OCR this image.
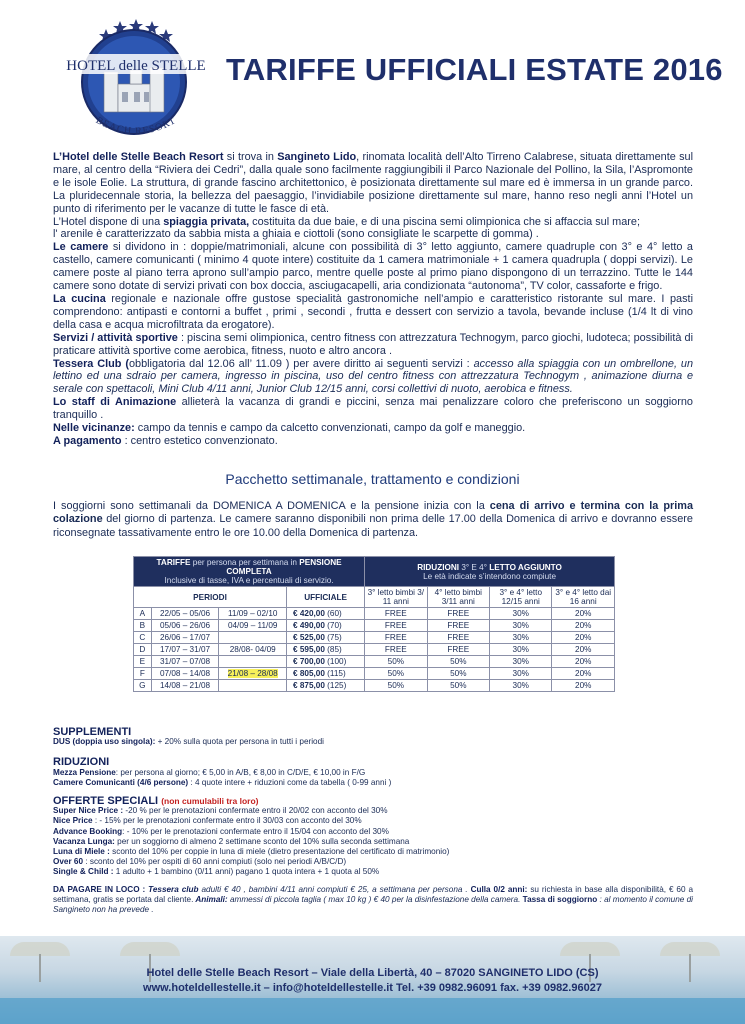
HOTEL delle STELLE
BEACH RESORT
TARIFFE UFFICIALI ESTATE 2016

L’Hotel delle Stelle Beach Resort si trova in Sangineto Lido, rinomata località dell’Alto Tirreno Calabrese, situata direttamente sul mare, al centro della “Riviera dei Cedri”, dalla quale sono facilmente raggiungibili il Parco Nazionale del Pollino, la Sila, l’Aspromonte e le isole Eolie. La struttura, di grande fascino architettonico, è posizionata direttamente sul mare ed è immersa in un grande parco. La pluridecennale storia, la bellezza del paesaggio, l’invidiabile posizione direttamente sul mare, hanno reso negli anni l’Hotel un punto di riferimento per le vacanze di tutte le fasce di età.

L’Hotel dispone di una spiaggia privata, costituita da due baie, e di una piscina semi olimpionica che si affaccia sul mare;

l' arenile è caratterizzato da sabbia mista a ghiaia e ciottoli (sono consigliate le scarpette di gomma) .

Le camere si dividono in : doppie/matrimoniali, alcune con possibilità di 3° letto aggiunto, camere quadruple con 3° e 4° letto a castello, camere comunicanti ( minimo 4 quote intere) costituite da 1 camera matrimoniale + 1 camera quadrupla ( doppi servizi). Le camere poste al piano terra aprono sull’ampio parco, mentre quelle poste al primo piano dispongono di un terrazzino. Tutte le 144 camere sono dotate di servizi privati con box doccia, asciugacapelli, aria condizionata “autonoma”, TV color, cassaforte e frigo.

La cucina regionale e nazionale offre gustose specialità gastronomiche nell’ampio e caratteristico ristorante sul mare. I pasti comprendono: antipasti e contorni a buffet , primi , secondi , frutta e dessert con servizio a tavola, bevande incluse (1/4 lt di vino della casa e acqua microfiltrata da erogatore).

Servizi / attività sportive : piscina semi olimpionica, centro fitness con attrezzatura Technogym, parco giochi, ludoteca; possibilità di praticare attività sportive come aerobica, fitness, nuoto e altro ancora .

Tessera Club (obbligatoria dal 12.06 all’ 11.09 ) per avere diritto ai seguenti servizi : accesso alla spiaggia con un ombrellone, un lettino ed una sdraio per camera, ingresso in piscina, uso del centro fitness con attrezzatura Technogym , animazione diurna e serale con spettacoli, Mini Club 4/11 anni, Junior Club 12/15 anni, corsi collettivi di nuoto, aerobica e fitness.

Lo staff di Animazione allieterà la vacanza di grandi e piccini, senza mai penalizzare coloro che preferiscono un soggiorno tranquillo .

Nelle vicinanze: campo da tennis e campo da calcetto convenzionati, campo da golf e maneggio.

A pagamento : centro estetico convenzionato.

Pacchetto settimanale, trattamento e condizioni
I soggiorni sono settimanali da DOMENICA A DOMENICA e la pensione inizia con la cena di arrivo e termina con la prima colazione del giorno di partenza. Le camere saranno disponibili non prima delle 17.00 della Domenica di arrivo e dovranno essere riconsegnate tassativamente entro le ore 10.00 della Domenica di partenza.
TARIFFE per persona per settimana in PENSIONE COMPLETA
Inclusive di tasse, IVA e percentuali di servizio.				RIDUZIONI 3° E 4° LETTO AGGIUNTO
Le età indicate s’intendono compiute			
PERIODI			UFFICIALE	3° letto bimbi 3/ 11 anni	4° letto bimbi 3/11 anni	3° e 4° letto 12/15 anni	3° e 4° letto dai 16 anni
A	22/05 – 05/06	11/09 – 02/10	€ 420,00 (60)	FREE	FREE	30%	20%
B	05/06 – 26/06	04/09 – 11/09	€ 490,00 (70)	FREE	FREE	30%	20%
C	26/06 – 17/07		€ 525,00 (75)	FREE	FREE	30%	20%
D	17/07 – 31/07	28/08- 04/09	€ 595,00 (85)	FREE	FREE	30%	20%
E	31/07 – 07/08		€ 700,00 (100)	50%	50%	30%	20%
F	07/08 – 14/08	21/08 – 28/08	€ 805,00 (115)	50%	50%	30%	20%
G	14/08 – 21/08		€ 875,00 (125)	50%	50%	30%	20%
SUPPLEMENTI

DUS (doppia uso singola): + 20% sulla quota per persona in tutti i periodi

RIDUZIONI

Mezza Pensione: per persona al giorno; € 5,00 in A/B, € 8,00 in C/D/E, € 10,00 in F/G

Camere Comunicanti (4/6 persone) : 4 quote intere + riduzioni come da tabella ( 0-99 anni )

OFFERTE SPECIALI (non cumulabili tra loro)

Super Nice Price : -20 % per le prenotazioni confermate entro il 20/02 con acconto del 30%

Nice Price : - 15% per le prenotazioni confermate entro il 30/03 con acconto del 30%

Advance Booking: - 10% per le prenotazioni confermate entro il 15/04 con acconto del 30%

Vacanza Lunga: per un soggiorno di almeno 2 settimane sconto del 10% sulla seconda settimana

Luna di Miele : sconto del 10% per coppie in luna di miele (dietro presentazione del certificato di matrimonio)

Over 60 : sconto del 10% per ospiti di 60 anni compiuti (solo nei periodi A/B/C/D)

Single & Child : 1 adulto + 1 bambino (0/11 anni) pagano 1 quota intera + 1 quota al 50%

DA PAGARE IN LOCO : Tessera club adulti € 40 , bambini 4/11 anni compiuti € 25, a settimana per persona . Culla 0/2 anni: su richiesta in base alla disponibilità, € 60 a settimana, gratis se portata dal cliente. Animali: ammessi di piccola taglia ( max 10 kg ) € 40 per la disinfestazione della camera. Tassa di soggiorno : al momento il comune di Sangineto non ha prevede .

Hotel delle Stelle Beach Resort – Viale della Libertà, 40 – 87020 SANGINETO LIDO (CS)
www.hoteldellestelle.it – info@hoteldellestelle.it Tel. +39 0982.96091 fax. +39 0982.96027
